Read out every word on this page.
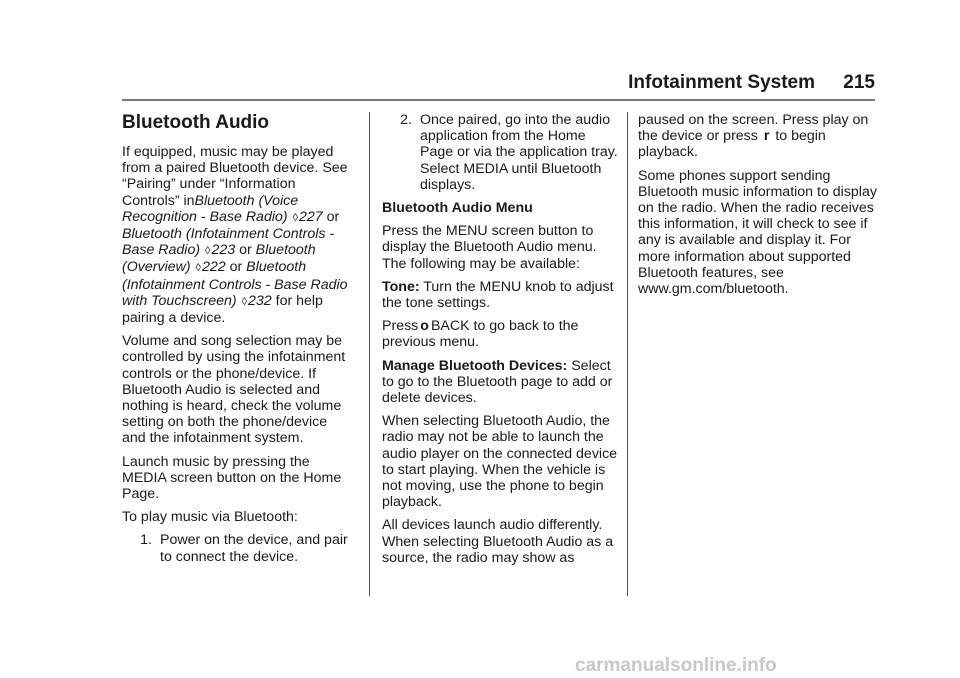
Infotainment System 215
Bluetooth Audio

If equipped, music may be played from a paired Bluetooth device. See “Pairing” under “Information Controls” inBluetooth (Voice Recognition - Base Radio) ◊227 or Bluetooth (Infotainment Controls - Base Radio) ◊223 or Bluetooth (Overview) ◊222 or Bluetooth (Infotainment Controls - Base Radio with Touchscreen) ◊232 for help pairing a device.

Volume and song selection may be controlled by using the infotainment controls or the phone/device. If Bluetooth Audio is selected and nothing is heard, check the volume setting on both the phone/device and the infotainment system.

Launch music by pressing the MEDIA screen button on the Home Page.

To play music via Bluetooth:

1. Power on the device, and pair to connect the device.
2. Once paired, go into the audio application from the Home Page or via the application tray. Select MEDIA until Bluetooth displays.
Bluetooth Audio Menu

Press the MENU screen button to display the Bluetooth Audio menu. The following may be available:

Tone: Turn the MENU knob to adjust the tone settings.

Press o BACK to go back to the previous menu.

Manage Bluetooth Devices: Select to go to the Bluetooth page to add or delete devices.

When selecting Bluetooth Audio, the radio may not be able to launch the audio player on the connected device to start playing. When the vehicle is not moving, use the phone to begin playback.

All devices launch audio differently. When selecting Bluetooth Audio as a source, the radio may show as

paused on the screen. Press play on the device or press r to begin playback.

Some phones support sending Bluetooth music information to display on the radio. When the radio receives this information, it will check to see if any is available and display it. For more information about supported Bluetooth features, see www.gm.com/bluetooth.

carmanualsonline.info
